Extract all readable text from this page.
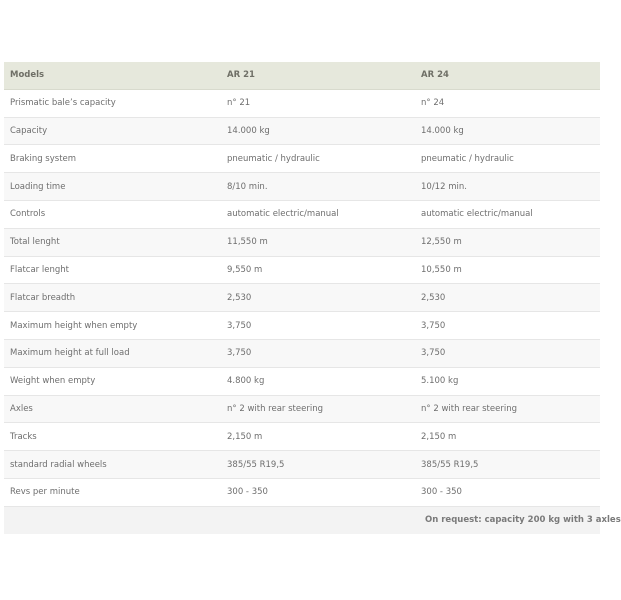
Models	AR 21	AR 24
Prismatic bale’s capacity	n° 21	n° 24
Capacity	14.000 kg	14.000 kg
Braking system	pneumatic / hydraulic	pneumatic / hydraulic
Loading time	8/10 min.	10/12 min.
Controls	automatic electric/manual	automatic electric/manual
Total lenght	11,550 m	12,550 m
Flatcar lenght	9,550 m	10,550 m
Flatcar breadth	2,530	2,530
Maximum height when empty	3,750	3,750
Maximum height at full load	3,750	3,750
Weight when empty	4.800 kg	5.100 kg
Axles	n° 2 with rear steering	n° 2 with rear steering
Tracks	2,150 m	2,150 m
standard radial wheels	385/55 R19,5	385/55 R19,5
Revs per minute	300 - 350	300 - 350
		On request: capacity 200 kg with 3 axles
